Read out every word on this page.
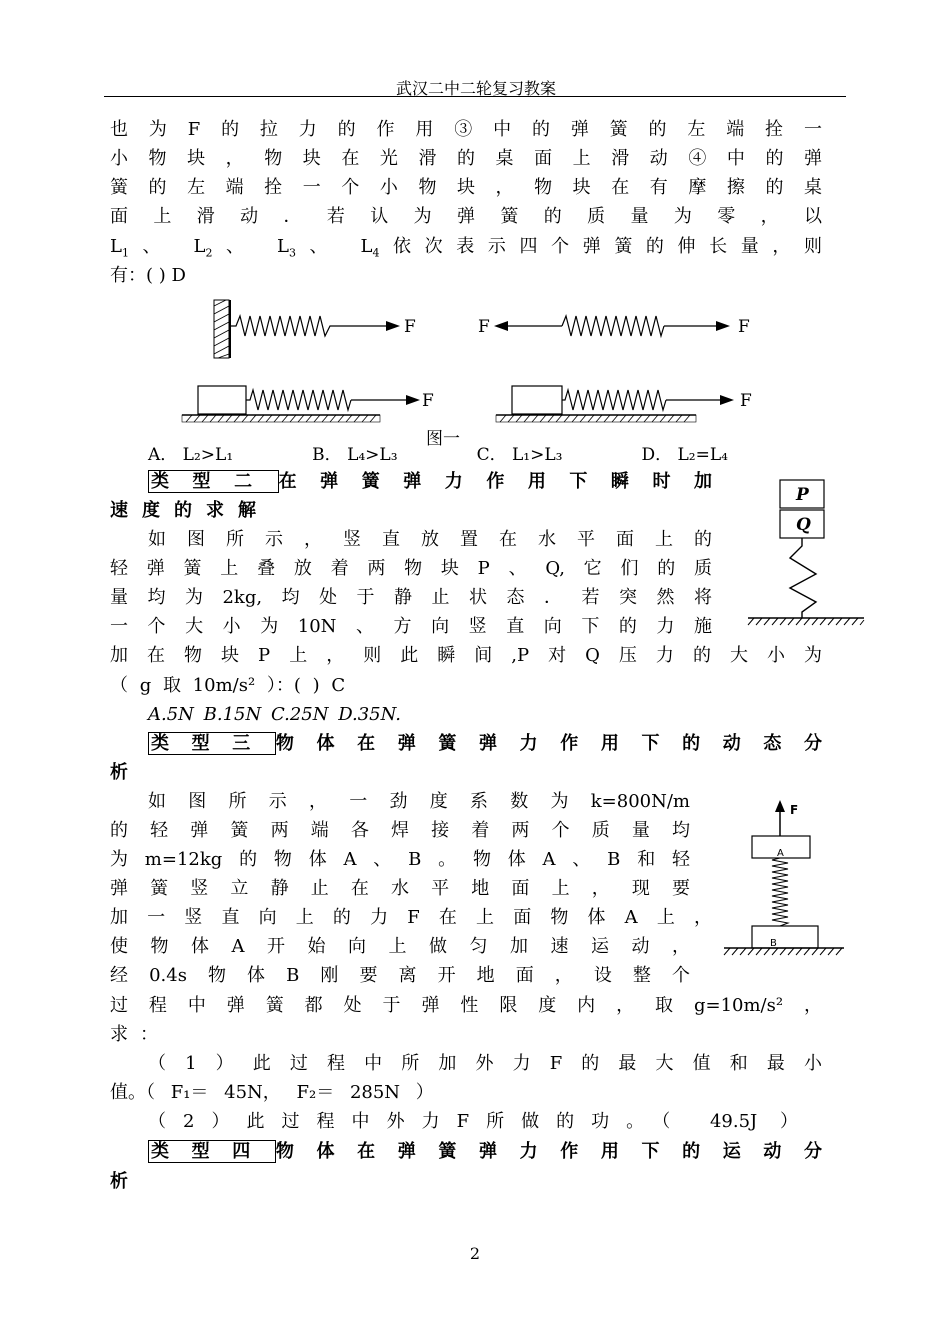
武汉二中二轮复习教案
也为F的拉力的作用③中的弹簧的左端拴一
小物块，物块在光滑的桌面上滑动④中的弹
簧的左端拴一个小物块，物块在有摩擦的桌
面上滑动．若认为弹簧的质量为零，以
$L_1$、 $L_2$、 $L_3$、 $L_4$依次表示四个弹簧的伸长量，则
有：( ) D
F	F	F
F	F
图一
A． L₂>L₁	B． L₄>L₃	C． L₁>L₃	D． L₂=L₄
类型二 在弹簧弹力作用下瞬时加
速度的求解
如图所示，竖直放置在水平面上的
轻弹簧上叠放着两物块P、Q,它们的质
量均为2kg,均处于静止状态．若突然将
一个大小为10N、方向竖直向下的力施
加在物块P上，则此瞬间,P对Q压力的大小为
（ g 取 10m/s² ）：( ) C
A.5N B.15N C.25N D.35N.
P
Q
类型三 物体在弹簧弹力作用下的动态分
析
如图所示，一劲度系数为k=800N/m
的轻弹簧两端各焊接着两个质量均
为m=12kg的物体A、B。物体A、B和轻
弹簧竖立静止在水平地面上，现要
加一竖直向上的力F在上面物体A上，
使物体A开始向上做匀加速运动，
经0.4s物体B刚要离开地面，设整个
过程中弹簧都处于弹性限度内，取g=10m/s²，
求：
（1）此过程中所加外力F的最大值和最小
值。（ F₁＝ 45N， F₂＝ 285N ）
（2）此过程中外力F所做的功。（ 49.5J ）
F
A
B
类型四 物体在弹簧弹力作用下的运动分
析
2
